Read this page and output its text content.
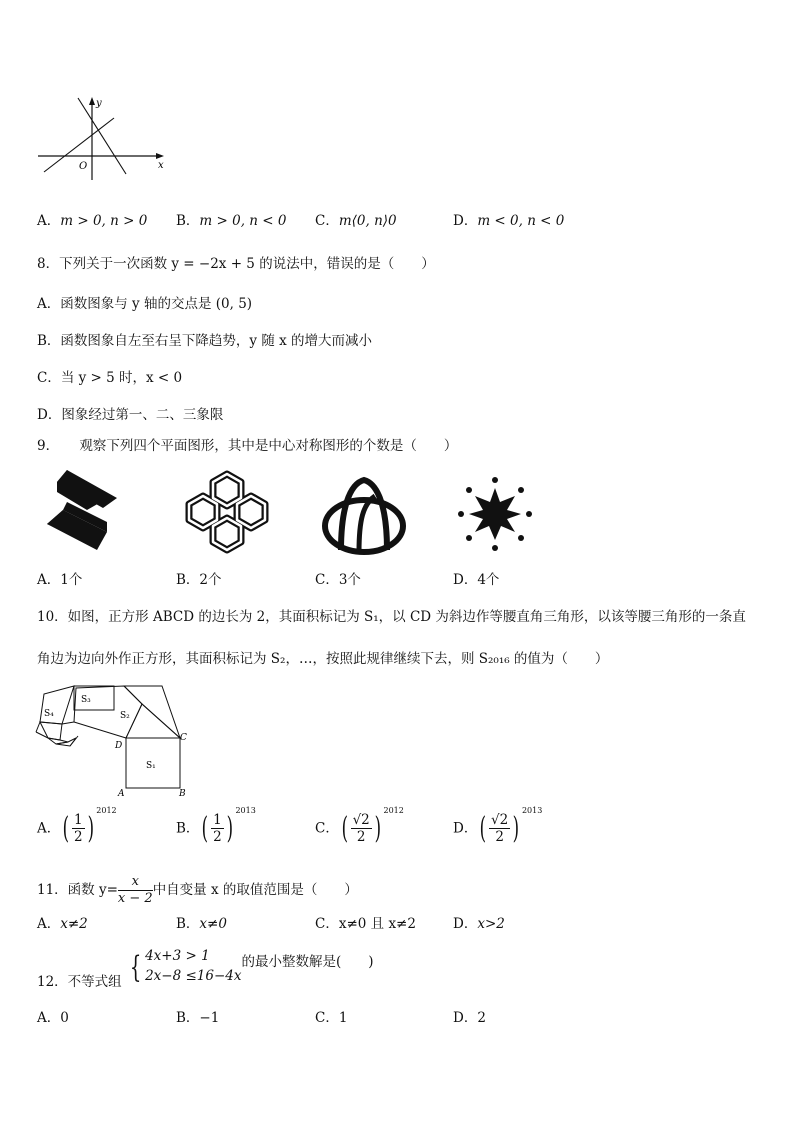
y
x
O
A．m > 0, n > 0 B．m > 0, n < 0 C．m⟨0, n⟩0	D．m < 0, n < 0
8．下列关于一次函数 y = −2x + 5 的说法中，错误的是（　　）
A．函数图象与 y 轴的交点是 (0, 5)
B．函数图象自左至右呈下降趋势，y 随 x 的增大而减小
C．当 y > 5 时，x < 0
D．图象经过第一、二、三象限
9．　　观察下列四个平面图形，其中是中心对称图形的个数是（　　）
A．1个	B．2个	C．3个	D．4个
10．如图，正方形 ABCD 的边长为 2，其面积标记为 S₁，以 CD 为斜边作等腰直角三角形，以该等腰三角形的一条直
角边为边向外作正方形，其面积标记为 S₂，…，按照此规律继续下去，则 S₂₀₁₆ 的值为（　　）
S₃
S₂
S₄
S₁
D
C
A	B
A．( $\frac{1}{2}$ ) $^{2012}$
B．( $\frac{1}{2}$ ) $^{2013}$
C．( $\frac{√2}{2}$ ) $^{2012}$
D．( $\frac{√2}{2}$ ) $^{2013}$
11．函数 $y= \frac{x}{x - 2}$ 中自变量 x 的取值范围是（　　）
A．x≠2	B．x≠0	C．x≠0 且 x≠2	D．x>2
12．不等式组 { 4x+3 > 1
2x−8 ≤16−4x
的最小整数解是(　　)
A．0	B．−1	C．1	D．2
